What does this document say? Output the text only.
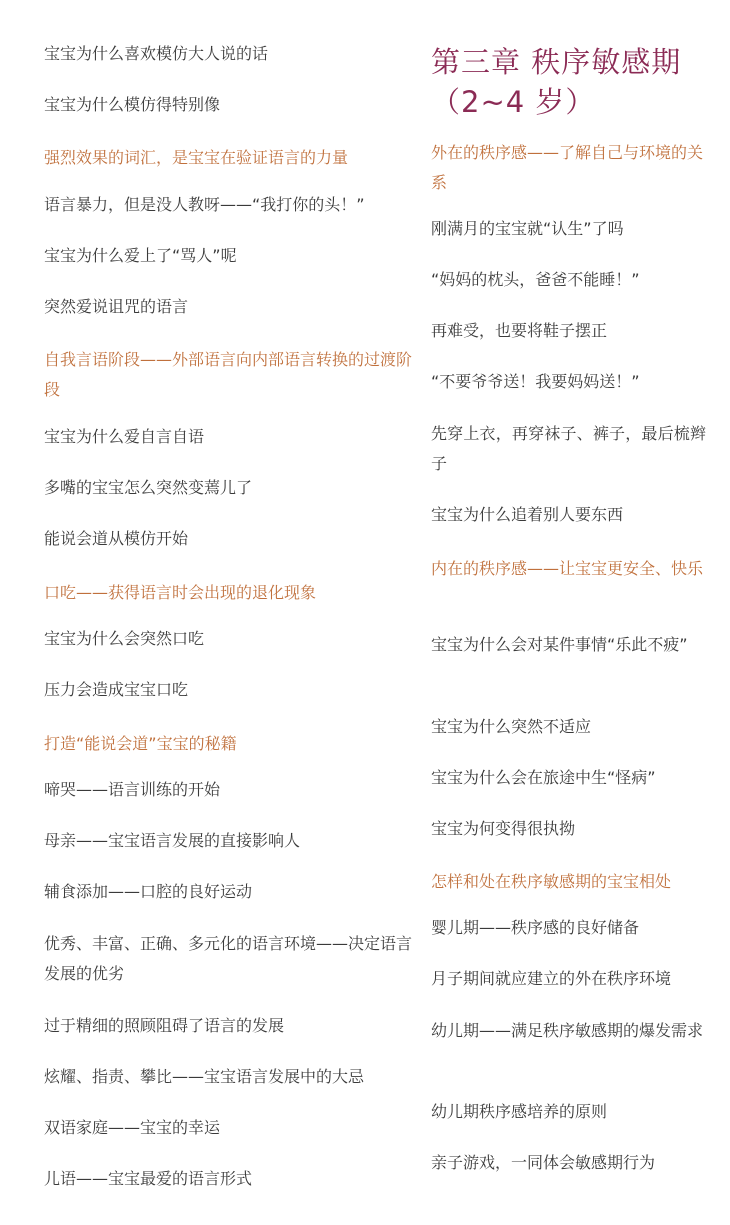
宝宝为什么喜欢模仿大人说的话
宝宝为什么模仿得特别像
强烈效果的词汇，是宝宝在验证语言的力量
语言暴力，但是没人教呀——“我打你的头！”
宝宝为什么爱上了“骂人”呢
突然爱说诅咒的语言
自我言语阶段——外部语言向内部语言转换的过渡阶段
宝宝为什么爱自言自语
多嘴的宝宝怎么突然变蔫儿了
能说会道从模仿开始
口吃——获得语言时会出现的退化现象
宝宝为什么会突然口吃
压力会造成宝宝口吃
打造“能说会道”宝宝的秘籍
啼哭——语言训练的开始
母亲——宝宝语言发展的直接影响人
辅食添加——口腔的良好运动
优秀、丰富、正确、多元化的语言环境——决定语言发展的优劣
过于精细的照顾阻碍了语言的发展
炫耀、指责、攀比——宝宝语言发展中的大忌
双语家庭——宝宝的幸运
儿语——宝宝最爱的语言形式
第三章 秩序敏感期
（2~4 岁）
外在的秩序感——了解自己与环境的关系
刚满月的宝宝就“认生”了吗
“妈妈的枕头，爸爸不能睡！”
再难受，也要将鞋子摆正
“不要爷爷送！我要妈妈送！”
先穿上衣，再穿袜子、裤子，最后梳辫子
宝宝为什么追着别人要东西
内在的秩序感——让宝宝更安全、快乐
宝宝为什么会对某件事情“乐此不疲”
宝宝为什么突然不适应
宝宝为什么会在旅途中生“怪病”
宝宝为何变得很执拗
怎样和处在秩序敏感期的宝宝相处
婴儿期——秩序感的良好储备
月子期间就应建立的外在秩序环境
幼儿期——满足秩序敏感期的爆发需求
幼儿期秩序感培养的原则
亲子游戏，一同体会敏感期行为
